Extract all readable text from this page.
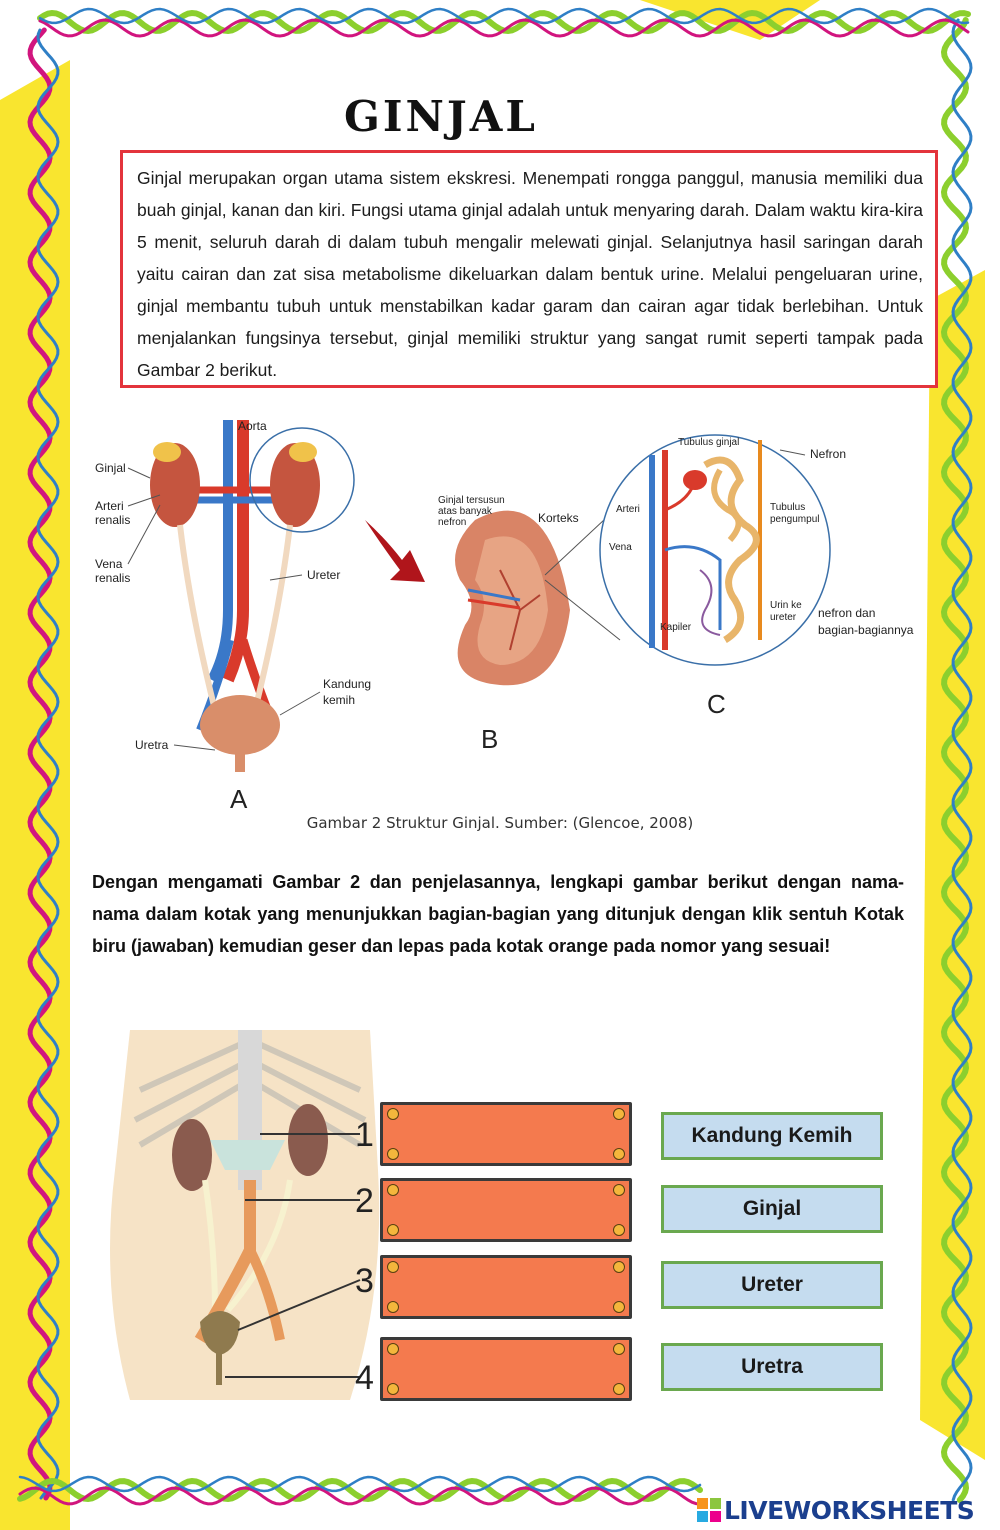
GINJAL

Ginjal merupakan organ utama sistem ekskresi. Menempati rongga panggul, manusia memiliki dua buah ginjal, kanan dan kiri. Fungsi utama ginjal adalah untuk menyaring darah. Dalam waktu kira-kira 5 menit, seluruh darah di dalam tubuh mengalir melewati ginjal. Selanjutnya hasil saringan darah yaitu cairan dan zat sisa metabolisme dikeluarkan dalam bentuk urine. Melalui pengeluaran urine, ginjal membantu tubuh untuk menstabilkan kadar garam dan cairan agar tidak berlebihan. Untuk menjalankan fungsinya tersebut, ginjal memiliki struktur yang sangat rumit seperti tampak pada Gambar 2 berikut.

Aorta
Ginjal
Arteri
renalis
Vena
renalis	Ureter
Kandung
kemih
Uretra
A
Ginjal tersusun
atas banyak
nefron	Korteks
B
Tubulus ginjal
Nefron
Arteri
Vena
Tubulus
pengumpul
Kapiler
Urin ke
ureter nefron dan
bagian-bagiannya
C
Gambar 2 Struktur Ginjal. Sumber: (Glencoe, 2008)

Dengan mengamati Gambar 2 dan penjelasannya, lengkapi gambar berikut dengan nama-nama dalam kotak yang menunjukkan bagian-bagian yang ditunjuk dengan klik sentuh Kotak biru (jawaban) kemudian geser dan lepas pada kotak orange pada nomor yang sesuai!

1
2
3
4
Kandung Kemih
Ginjal
Ureter
Uretra
LIVEWORKSHEETS
